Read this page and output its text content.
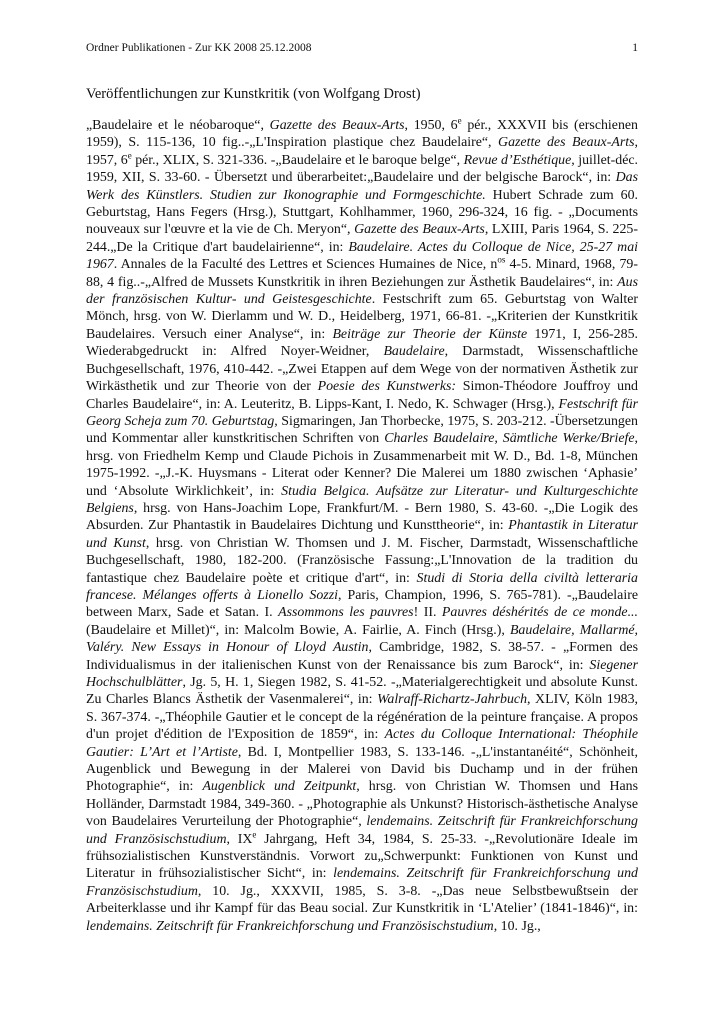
Ordner Publikationen - Zur KK 2008 25.12.2008	1
Veröffentlichungen zur Kunstkritik (von Wolfgang Drost)
„Baudelaire et le néobaroque“, Gazette des Beaux-Arts, 1950, 6e pér., XXXVII bis (erschienen 1959), S. 115-136, 10 fig..-„L'Inspiration plastique chez Baudelaire“, Gazette des Beaux-Arts, 1957, 6e pér., XLIX, S. 321-336. -„Baudelaire et le baroque belge“, Revue d’Esthétique, juillet-déc. 1959, XII, S. 33-60. - Übersetzt und überarbeitet:„Baudelaire und der belgische Barock“, in: Das Werk des Künstlers. Studien zur Ikonographie und Formgeschichte. Hubert Schrade zum 60. Geburtstag, Hans Fegers (Hrsg.), Stuttgart, Kohlhammer, 1960, 296-324, 16 fig. - „Documents nouveaux sur l'œuvre et la vie de Ch. Meryon“, Gazette des Beaux-Arts, LXIII, Paris 1964, S. 225-244.„De la Critique d'art baudelairienne“, in: Baudelaire. Actes du Colloque de Nice, 25-27 mai 1967. Annales de la Faculté des Lettres et Sciences Humaines de Nice, $n^{os}$ 4-5. Minard, 1968, 79-88, 4 fig..-„Alfred de Mussets Kunstkritik in ihren Beziehungen zur Ästhetik Baudelaires“, in: Aus der französischen Kultur- und Geistesgeschichte. Festschrift zum 65. Geburtstag von Walter Mönch, hrsg. von W. Dierlamm und W. D., Heidelberg, 1971, 66-81. -„Kriterien der Kunstkritik Baudelaires. Versuch einer Analyse“, in: Beiträge zur Theorie der Künste 1971, I, 256-285. Wiederabgedruckt in: Alfred Noyer-Weidner, Baudelaire, Darmstadt, Wissenschaftliche Buchgesellschaft, 1976, 410-442. -„Zwei Etappen auf dem Wege von der normativen Ästhetik zur Wirkästhetik und zur Theorie von der Poesie des Kunstwerks: Simon-Théodore Jouffroy und Charles Baudelaire“, in: A. Leuteritz, B. Lipps-Kant, I. Nedo, K. Schwager (Hrsg.), Festschrift für Georg Scheja zum 70. Geburtstag, Sigmaringen, Jan Thorbecke, 1975, S. 203-212. -Übersetzungen und Kommentar aller kunstkritischen Schriften von Charles Baudelaire, Sämtliche Werke/Briefe, hrsg. von Friedhelm Kemp und Claude Pichois in Zusammenarbeit mit W. D., Bd. 1-8, München 1975-1992. -„J.-K. Huysmans - Literat oder Kenner? Die Malerei um 1880 zwischen ‘Aphasie’ und ‘Absolute Wirklichkeit’, in: Studia Belgica. Aufsätze zur Literatur- und Kulturgeschichte Belgiens, hrsg. von Hans-Joachim Lope, Frankfurt/M. - Bern 1980, S. 43-60. -„Die Logik des Absurden. Zur Phantastik in Baudelaires Dichtung und Kunsttheorie“, in: Phantastik in Literatur und Kunst, hrsg. von Christian W. Thomsen und J. M. Fischer, Darmstadt, Wissenschaftliche Buchgesellschaft, 1980, 182-200. (Französische Fassung:„L'Innovation de la tradition du fantastique chez Baudelaire poète et critique d'art“, in: Studi di Storia della civiltà letteraria francese. Mélanges offerts à Lionello Sozzi, Paris, Champion, 1996, S. 765-781). -„Baudelaire between Marx, Sade et Satan. I. Assommons les pauvres! II. Pauvres déshérités de ce monde... (Baudelaire et Millet)“, in: Malcolm Bowie, A. Fairlie, A. Finch (Hrsg.), Baudelaire, Mallarmé, Valéry. New Essays in Honour of Lloyd Austin, Cambridge, 1982, S. 38-57. - „Formen des Individualismus in der italienischen Kunst von der Renaissance bis zum Barock“, in: Siegener Hochschulblätter, Jg. 5, H. 1, Siegen 1982, S. 41-52. -„Materialgerechtigkeit und absolute Kunst. Zu Charles Blancs Ästhetik der Vasenmalerei“, in: Walraff-Richartz-Jahrbuch, XLIV, Köln 1983, S. 367-374. -„Théophile Gautier et le concept de la régénération de la peinture française. A propos d'un projet d'édition de l'Exposition de 1859“, in: Actes du Colloque International: Théophile Gautier: L’Art et l’Artiste, Bd. I, Montpellier 1983, S. 133-146. -„L'instantanéité“, Schönheit, Augenblick und Bewegung in der Malerei von David bis Duchamp und in der frühen Photographie“, in: Augenblick und Zeitpunkt, hrsg. von Christian W. Thomsen und Hans Holländer, Darmstadt 1984, 349-360. - „Photographie als Unkunst? Historisch-ästhetische Analyse von Baudelaires Verurteilung der Photographie“, lendemains. Zeitschrift für Frankreichforschung und Französischstudium, IXe Jahrgang, Heft 34, 1984, S. 25-33. -„Revolutionäre Ideale im frühsozialistischen Kunstverständnis. Vorwort zu„Schwerpunkt: Funktionen von Kunst und Literatur in frühsozialistischer Sicht“, in: lendemains. Zeitschrift für Frankreichforschung und Französischstudium, 10. Jg., XXXVII, 1985, S. 3-8. -„Das neue Selbstbewußtsein der Arbeiterklasse und ihr Kampf für das Beau social. Zur Kunstkritik in ‘L'Atelier’ (1841-1846)“, in: lendemains. Zeitschrift für Frankreichforschung und Französischstudium, 10. Jg.,
